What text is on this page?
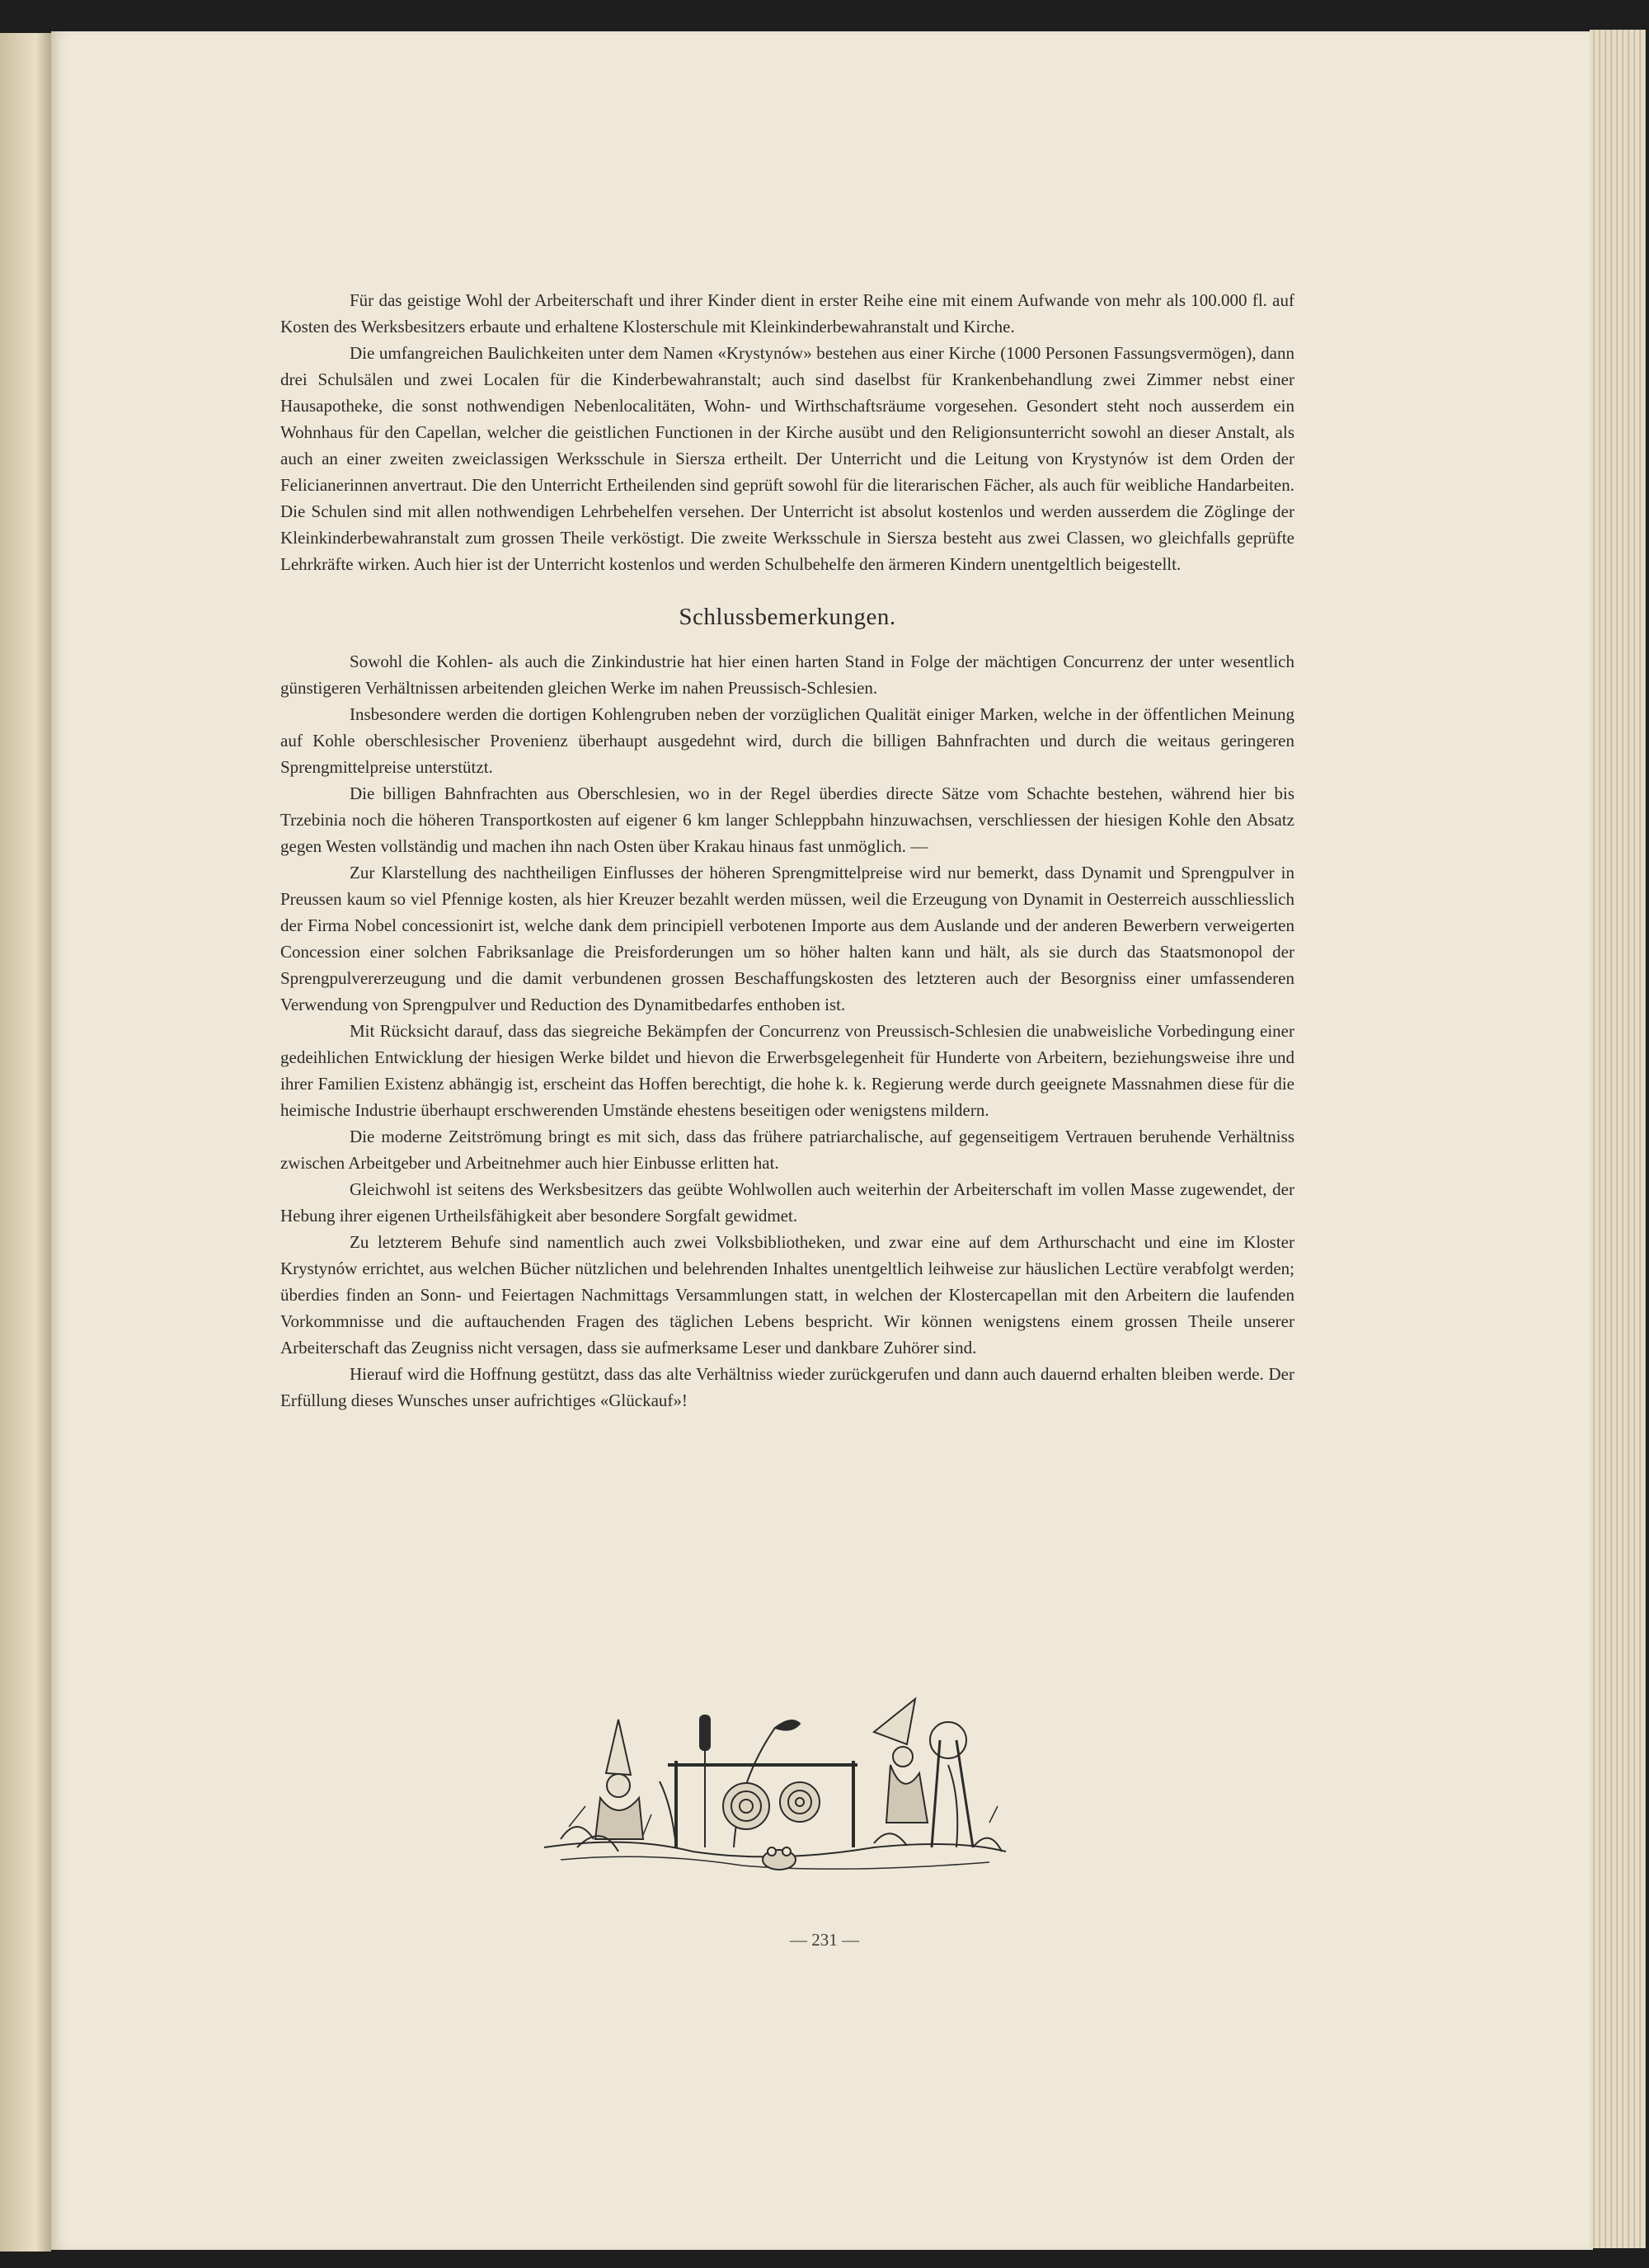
Für das geistige Wohl der Arbeiterschaft und ihrer Kinder dient in erster Reihe eine mit einem Aufwande von mehr als 100.000 fl. auf Kosten des Werksbesitzers erbaute und erhaltene Klosterschule mit Kleinkinderbewahranstalt und Kirche.

Die umfangreichen Baulichkeiten unter dem Namen «Krystynów» bestehen aus einer Kirche (1000 Personen Fassungsvermögen), dann drei Schulsälen und zwei Localen für die Kinderbewahranstalt; auch sind daselbst für Krankenbehandlung zwei Zimmer nebst einer Hausapotheke, die sonst nothwendigen Nebenlocalitäten, Wohn- und Wirthschaftsräume vorgesehen. Gesondert steht noch ausserdem ein Wohnhaus für den Capellan, welcher die geistlichen Functionen in der Kirche ausübt und den Religionsunterricht sowohl an dieser Anstalt, als auch an einer zweiten zweiclassigen Werksschule in Siersza ertheilt. Der Unterricht und die Leitung von Krystynów ist dem Orden der Felicianerinnen anvertraut. Die den Unterricht Ertheilenden sind geprüft sowohl für die literarischen Fächer, als auch für weibliche Handarbeiten. Die Schulen sind mit allen nothwendigen Lehrbehelfen versehen. Der Unterricht ist absolut kostenlos und werden ausserdem die Zöglinge der Kleinkinderbewahranstalt zum grossen Theile verköstigt. Die zweite Werksschule in Siersza besteht aus zwei Classen, wo gleichfalls geprüfte Lehrkräfte wirken. Auch hier ist der Unterricht kostenlos und werden Schulbehelfe den ärmeren Kindern unentgeltlich beigestellt.

Schlussbemerkungen.

Sowohl die Kohlen- als auch die Zinkindustrie hat hier einen harten Stand in Folge der mächtigen Concurrenz der unter wesentlich günstigeren Verhältnissen arbeitenden gleichen Werke im nahen Preussisch-Schlesien.

Insbesondere werden die dortigen Kohlengruben neben der vorzüglichen Qualität einiger Marken, welche in der öffentlichen Meinung auf Kohle oberschlesischer Provenienz überhaupt ausgedehnt wird, durch die billigen Bahnfrachten und durch die weitaus geringeren Sprengmittelpreise unterstützt.

Die billigen Bahnfrachten aus Oberschlesien, wo in der Regel überdies directe Sätze vom Schachte bestehen, während hier bis Trzebinia noch die höheren Transportkosten auf eigener 6 km langer Schleppbahn hinzuwachsen, verschliessen der hiesigen Kohle den Absatz gegen Westen vollständig und machen ihn nach Osten über Krakau hinaus fast unmöglich. —

Zur Klarstellung des nachtheiligen Einflusses der höheren Sprengmittelpreise wird nur bemerkt, dass Dynamit und Sprengpulver in Preussen kaum so viel Pfennige kosten, als hier Kreuzer bezahlt werden müssen, weil die Erzeugung von Dynamit in Oesterreich ausschliesslich der Firma Nobel concessionirt ist, welche dank dem principiell verbotenen Importe aus dem Auslande und der anderen Bewerbern verweigerten Concession einer solchen Fabriksanlage die Preisforderungen um so höher halten kann und hält, als sie durch das Staatsmonopol der Sprengpulvererzeugung und die damit verbundenen grossen Beschaffungskosten des letzteren auch der Besorgniss einer umfassenderen Verwendung von Sprengpulver und Reduction des Dynamitbedarfes enthoben ist.

Mit Rücksicht darauf, dass das siegreiche Bekämpfen der Concurrenz von Preussisch-Schlesien die unabweisliche Vorbedingung einer gedeihlichen Entwicklung der hiesigen Werke bildet und hievon die Erwerbsgelegenheit für Hunderte von Arbeitern, beziehungsweise ihre und ihrer Familien Existenz abhängig ist, erscheint das Hoffen berechtigt, die hohe k. k. Regierung werde durch geeignete Massnahmen diese für die heimische Industrie überhaupt erschwerenden Umstände ehestens beseitigen oder wenigstens mildern.

Die moderne Zeitströmung bringt es mit sich, dass das frühere patriarchalische, auf gegenseitigem Vertrauen beruhende Verhältniss zwischen Arbeitgeber und Arbeitnehmer auch hier Einbusse erlitten hat.

Gleichwohl ist seitens des Werksbesitzers das geübte Wohlwollen auch weiterhin der Arbeiterschaft im vollen Masse zugewendet, der Hebung ihrer eigenen Urtheilsfähigkeit aber besondere Sorgfalt gewidmet.

Zu letzterem Behufe sind namentlich auch zwei Volksbibliotheken, und zwar eine auf dem Arthurschacht und eine im Kloster Krystynów errichtet, aus welchen Bücher nützlichen und belehrenden Inhaltes unentgeltlich leihweise zur häuslichen Lectüre verabfolgt werden; überdies finden an Sonn- und Feiertagen Nachmittags Versammlungen statt, in welchen der Klostercapellan mit den Arbeitern die laufenden Vorkommnisse und die auftauchenden Fragen des täglichen Lebens bespricht. Wir können wenigstens einem grossen Theile unserer Arbeiterschaft das Zeugniss nicht versagen, dass sie aufmerksame Leser und dankbare Zuhörer sind.

Hierauf wird die Hoffnung gestützt, dass das alte Verhältniss wieder zurückgerufen und dann auch dauernd erhalten bleiben werde. Der Erfüllung dieses Wunsches unser aufrichtiges «Glückauf»!

— 231 —
